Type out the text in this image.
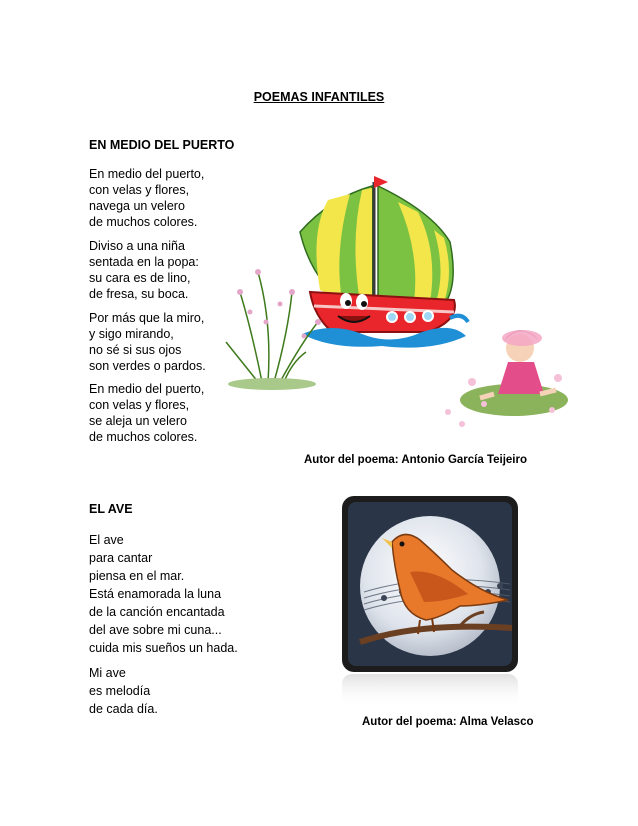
POEMAS INFANTILES
EN MEDIO DEL PUERTO
En medio del puerto,
con velas y flores,
navega un velero
de muchos colores.
Diviso a una niña
sentada en la popa:
su cara es de lino,
de fresa, su boca.
Por más que la miro,
y sigo mirando,
no sé si sus ojos
son verdes o pardos.
En medio del puerto,
con velas y flores,
se aleja un velero
de muchos colores.
Autor del poema: Antonio García Teijeiro
EL AVE
El ave
para cantar
piensa en el mar.
Está enamorada la luna
de la canción encantada
del ave sobre mi cuna...
cuida mis sueños un hada.
Mi ave
es melodía
de cada día.
Autor del poema: Alma Velasco
